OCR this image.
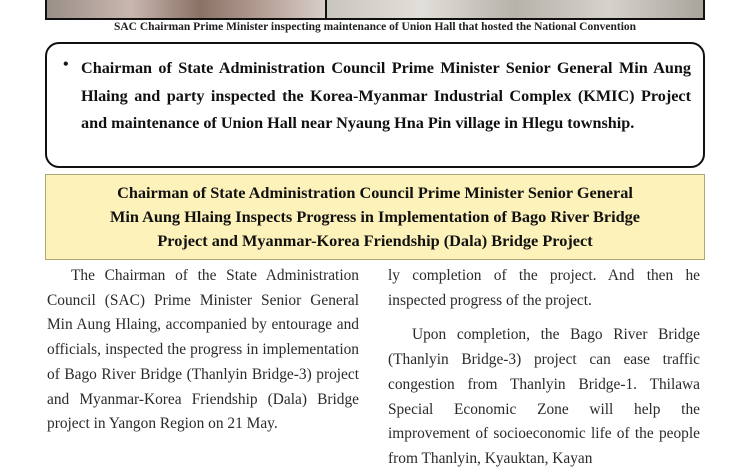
SAC Chairman Prime Minister inspecting maintenance of Union Hall that hosted the National Convention
• Chairman of State Administration Council Prime Minister Senior General Min Aung Hlaing and party inspected the Korea-Myanmar Industrial Complex (KMIC) Project and maintenance of Union Hall near Nyaung Hna Pin village in Hlegu township.

Chairman of State Administration Council Prime Minister Senior General
Min Aung Hlaing Inspects Progress in Implementation of Bago River Bridge
Project and Myanmar-Korea Friendship (Dala) Bridge Project

The Chairman of the State Administration Council (SAC) Prime Minister Senior General Min Aung Hlaing, accompanied by entourage and officials, inspected the progress in implementation of Bago River Bridge (Thanlyin Bridge-3) project and Myanmar-Korea Friendship (Dala) Bridge project in Yangon Region on 21 May.

ly completion of the project. And then he inspected progress of the project.

Upon completion, the Bago River Bridge (Thanlyin Bridge-3) project can ease traffic congestion from Thanlyin Bridge-1. Thilawa Special Economic Zone will help the improvement of socioeconomic life of the people from Thanlyin, Kyauktan, Kayan
